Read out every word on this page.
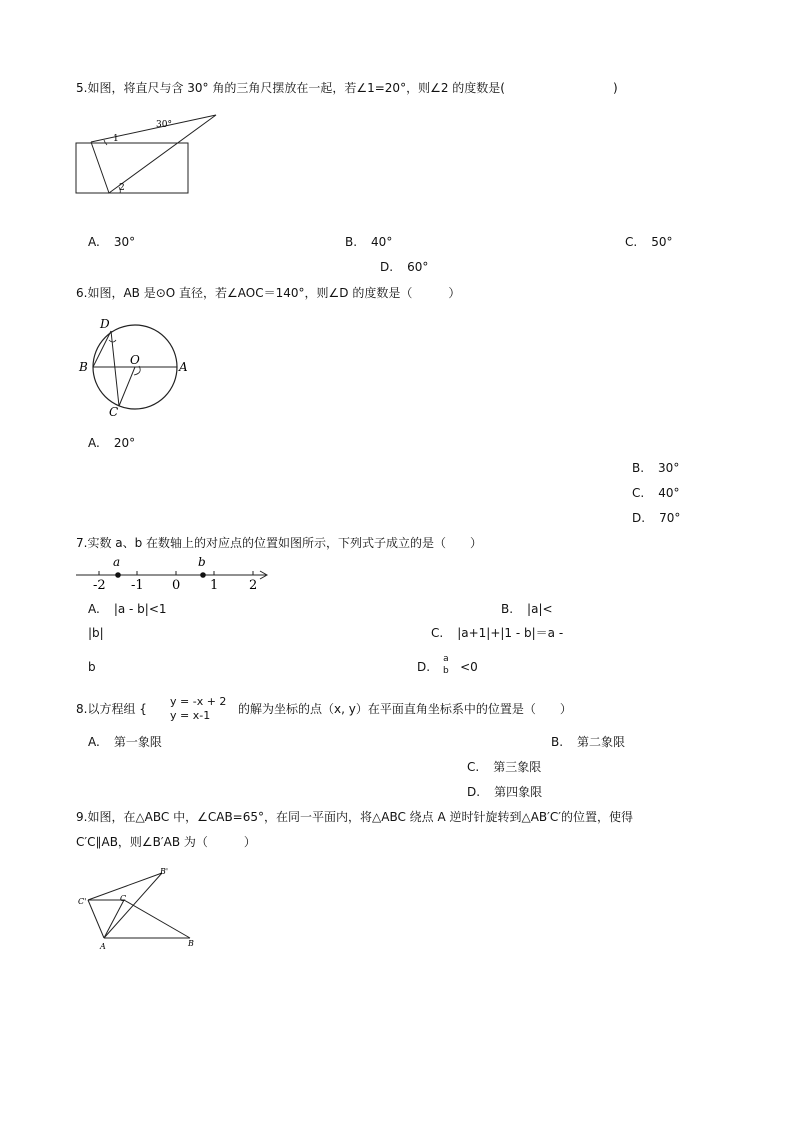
5.如图，将直尺与含 30° 角的三角尺摆放在一起，若∠1=20°，则∠2 的度数是(　　　　　　　　　)
30°
1
2
A. 30°	B. 40°	C. 50°
D. 60°
6.如图，AB 是⊙O 直径，若∠AOC＝140°，则∠D 的度数是（　　　）
D
B	O	A
C
A. 20°
B. 30°
C. 40°
D. 70°
7.实数 a、b 在数轴上的对应点的位置如图所示，下列式子成立的是（　　）
a	b
-2 -1 0 1 2
A. |a - b|<1	B. |a|<
|b|	C. |a+1|+|1 - b|＝a -
b	D.	<0
a
b
8.以方程组 {
y = -x + 2
y = x-1	的解为坐标的点（x, y）在平面直角坐标系中的位置是（　　）
A. 第一象限	B. 第二象限
C. 第三象限
D. 第四象限
9.如图，在△ABC 中，∠CAB=65°，在同一平面内，将△ABC 绕点 A 逆时针旋转到△AB′C′的位置，使得
C′C∥AB，则∠B′AB 为（　　　）
B'
C'	C
A	B
